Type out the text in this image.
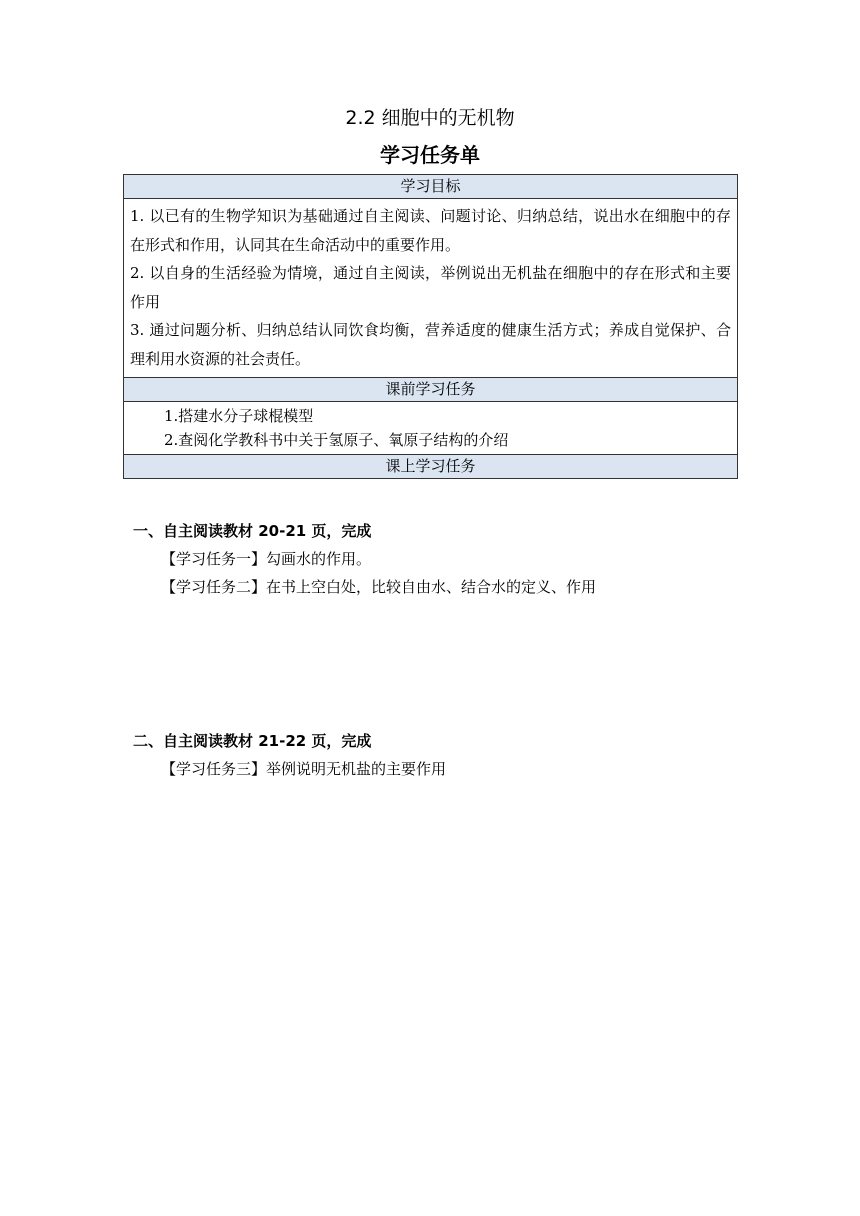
2.2 细胞中的无机物
学习任务单
学习目标

1. 以已有的生物学知识为基础通过自主阅读、问题讨论、归纳总结，说出水在细胞中的存在形式和作用，认同其在生命活动中的重要作用。
2. 以自身的生活经验为情境，通过自主阅读，举例说出无机盐在细胞中的存在形式和主要作用
3. 通过问题分析、归纳总结认同饮食均衡，营养适度的健康生活方式；养成自觉保护、合理利用水资源的社会责任。

课前学习任务

1.搭建水分子球棍模型
2.查阅化学教科书中关于氢原子、氧原子结构的介绍

课上学习任务
一、自主阅读教材 20-21 页，完成
【学习任务一】勾画水的作用。
【学习任务二】在书上空白处，比较自由水、结合水的定义、作用
二、自主阅读教材 21-22 页，完成
【学习任务三】举例说明无机盐的主要作用
